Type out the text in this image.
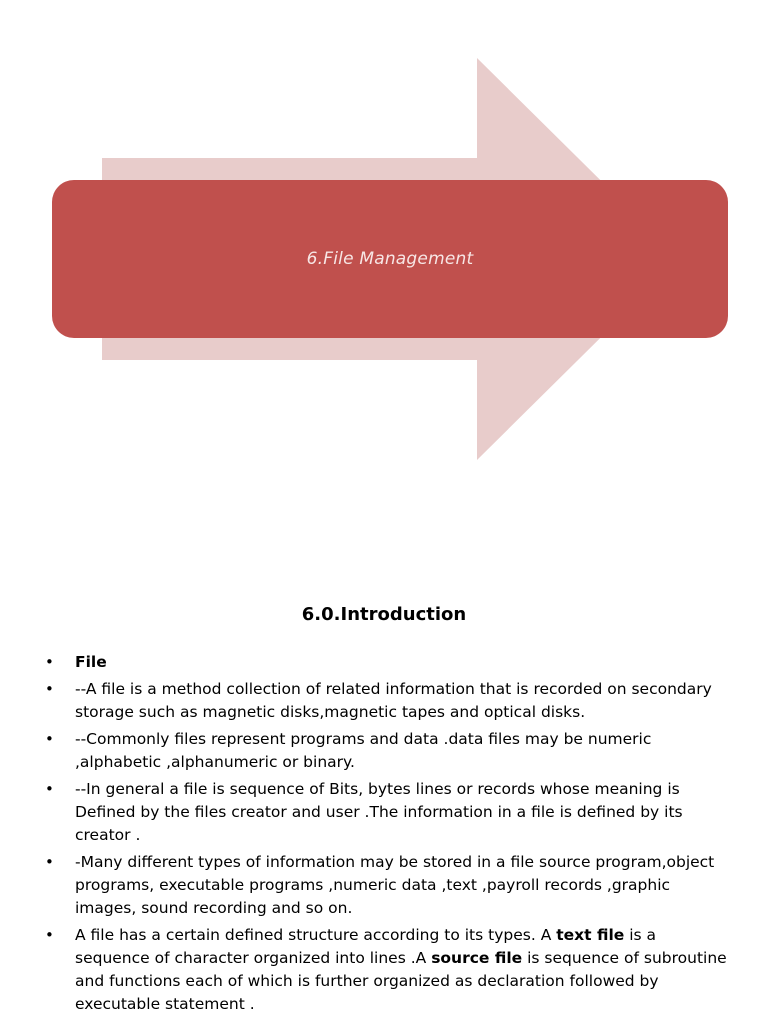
6.File Management
6.0.Introduction
• File
• --A file is a method collection of related information that is recorded on secondary storage such as magnetic disks,magnetic tapes and optical disks.
• --Commonly files represent programs and data .data files may be numeric ,alphabetic ,alphanumeric or binary.
• --In general a file is sequence of Bits, bytes lines or records whose meaning is Defined by the files creator and user .The information in a file is defined by its creator .
• -Many different types of information may be stored in a file source program,object programs, executable programs ,numeric data ,text ,payroll records ,graphic images, sound recording and so on.
• A file has a certain defined structure according to its types. A text file is a sequence of character organized into lines .A source file is sequence of subroutine and functions each of which is further organized as declaration followed by executable statement .
